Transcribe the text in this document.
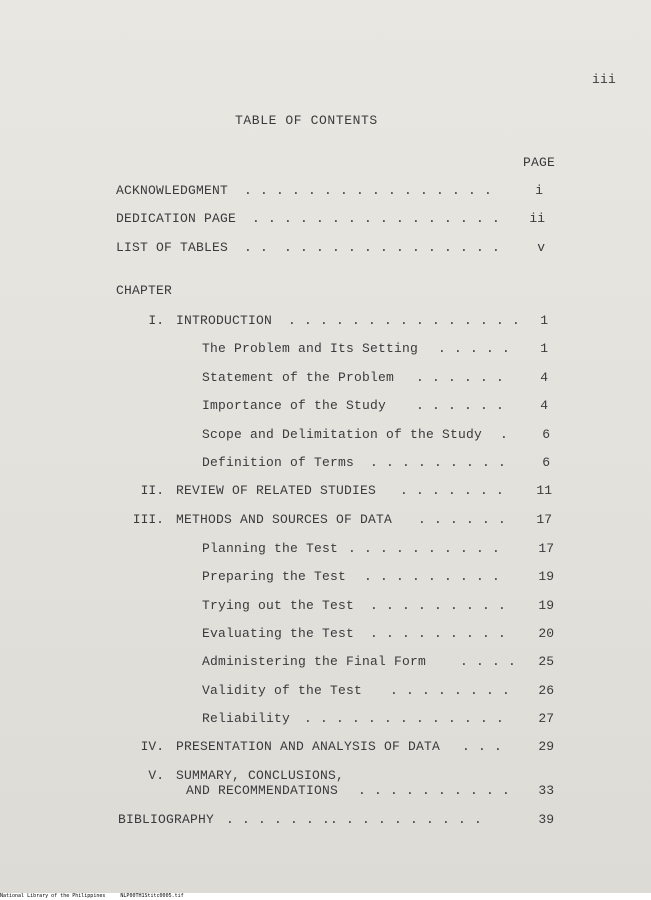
iii
TABLE OF CONTENTS
PAGE
ACKNOWLEDGMENT . . . . . . . . . . . . . . . .	i
DEDICATION PAGE . . . . . . . . . . . . . . . .	ii
LIST OF TABLES . .  . . . . . . . . . . . . . .	v
CHAPTER
I. INTRODUCTION . . . . . . . . . . . . . . .	1
The Problem and Its Setting . . . . .	1
Statement of the Problem . . . . . .	4
Importance of the Study . . . . . .	4
Scope and Delimitation of the Study .	6
Definition of Terms . . . . . . . . .	6
II. REVIEW OF RELATED STUDIES . . . . . . .	11
III. METHODS AND SOURCES OF DATA . . . . . .	17
Planning the Test . . . . . . . . . .	17
Preparing the Test . . . . . . . . .	19
Trying out the Test . . . . . . . . .	19
Evaluating the Test . . . . . . . . .	20
Administering the Final Form . . . .	25
Validity of the Test . . . . . . . .	26
Reliability . . . . . . . . . . . . .	27
IV. PRESENTATION AND ANALYSIS OF DATA . . .	29
V. SUMMARY, CONCLUSIONS,
AND RECOMMENDATIONS . . . . . . . . . .	33
BIBLIOGRAPHY . . . . . . .. . . . . . . . . .	39
National Library of the Philippines     NLP00TH1Stitc0005.tif
